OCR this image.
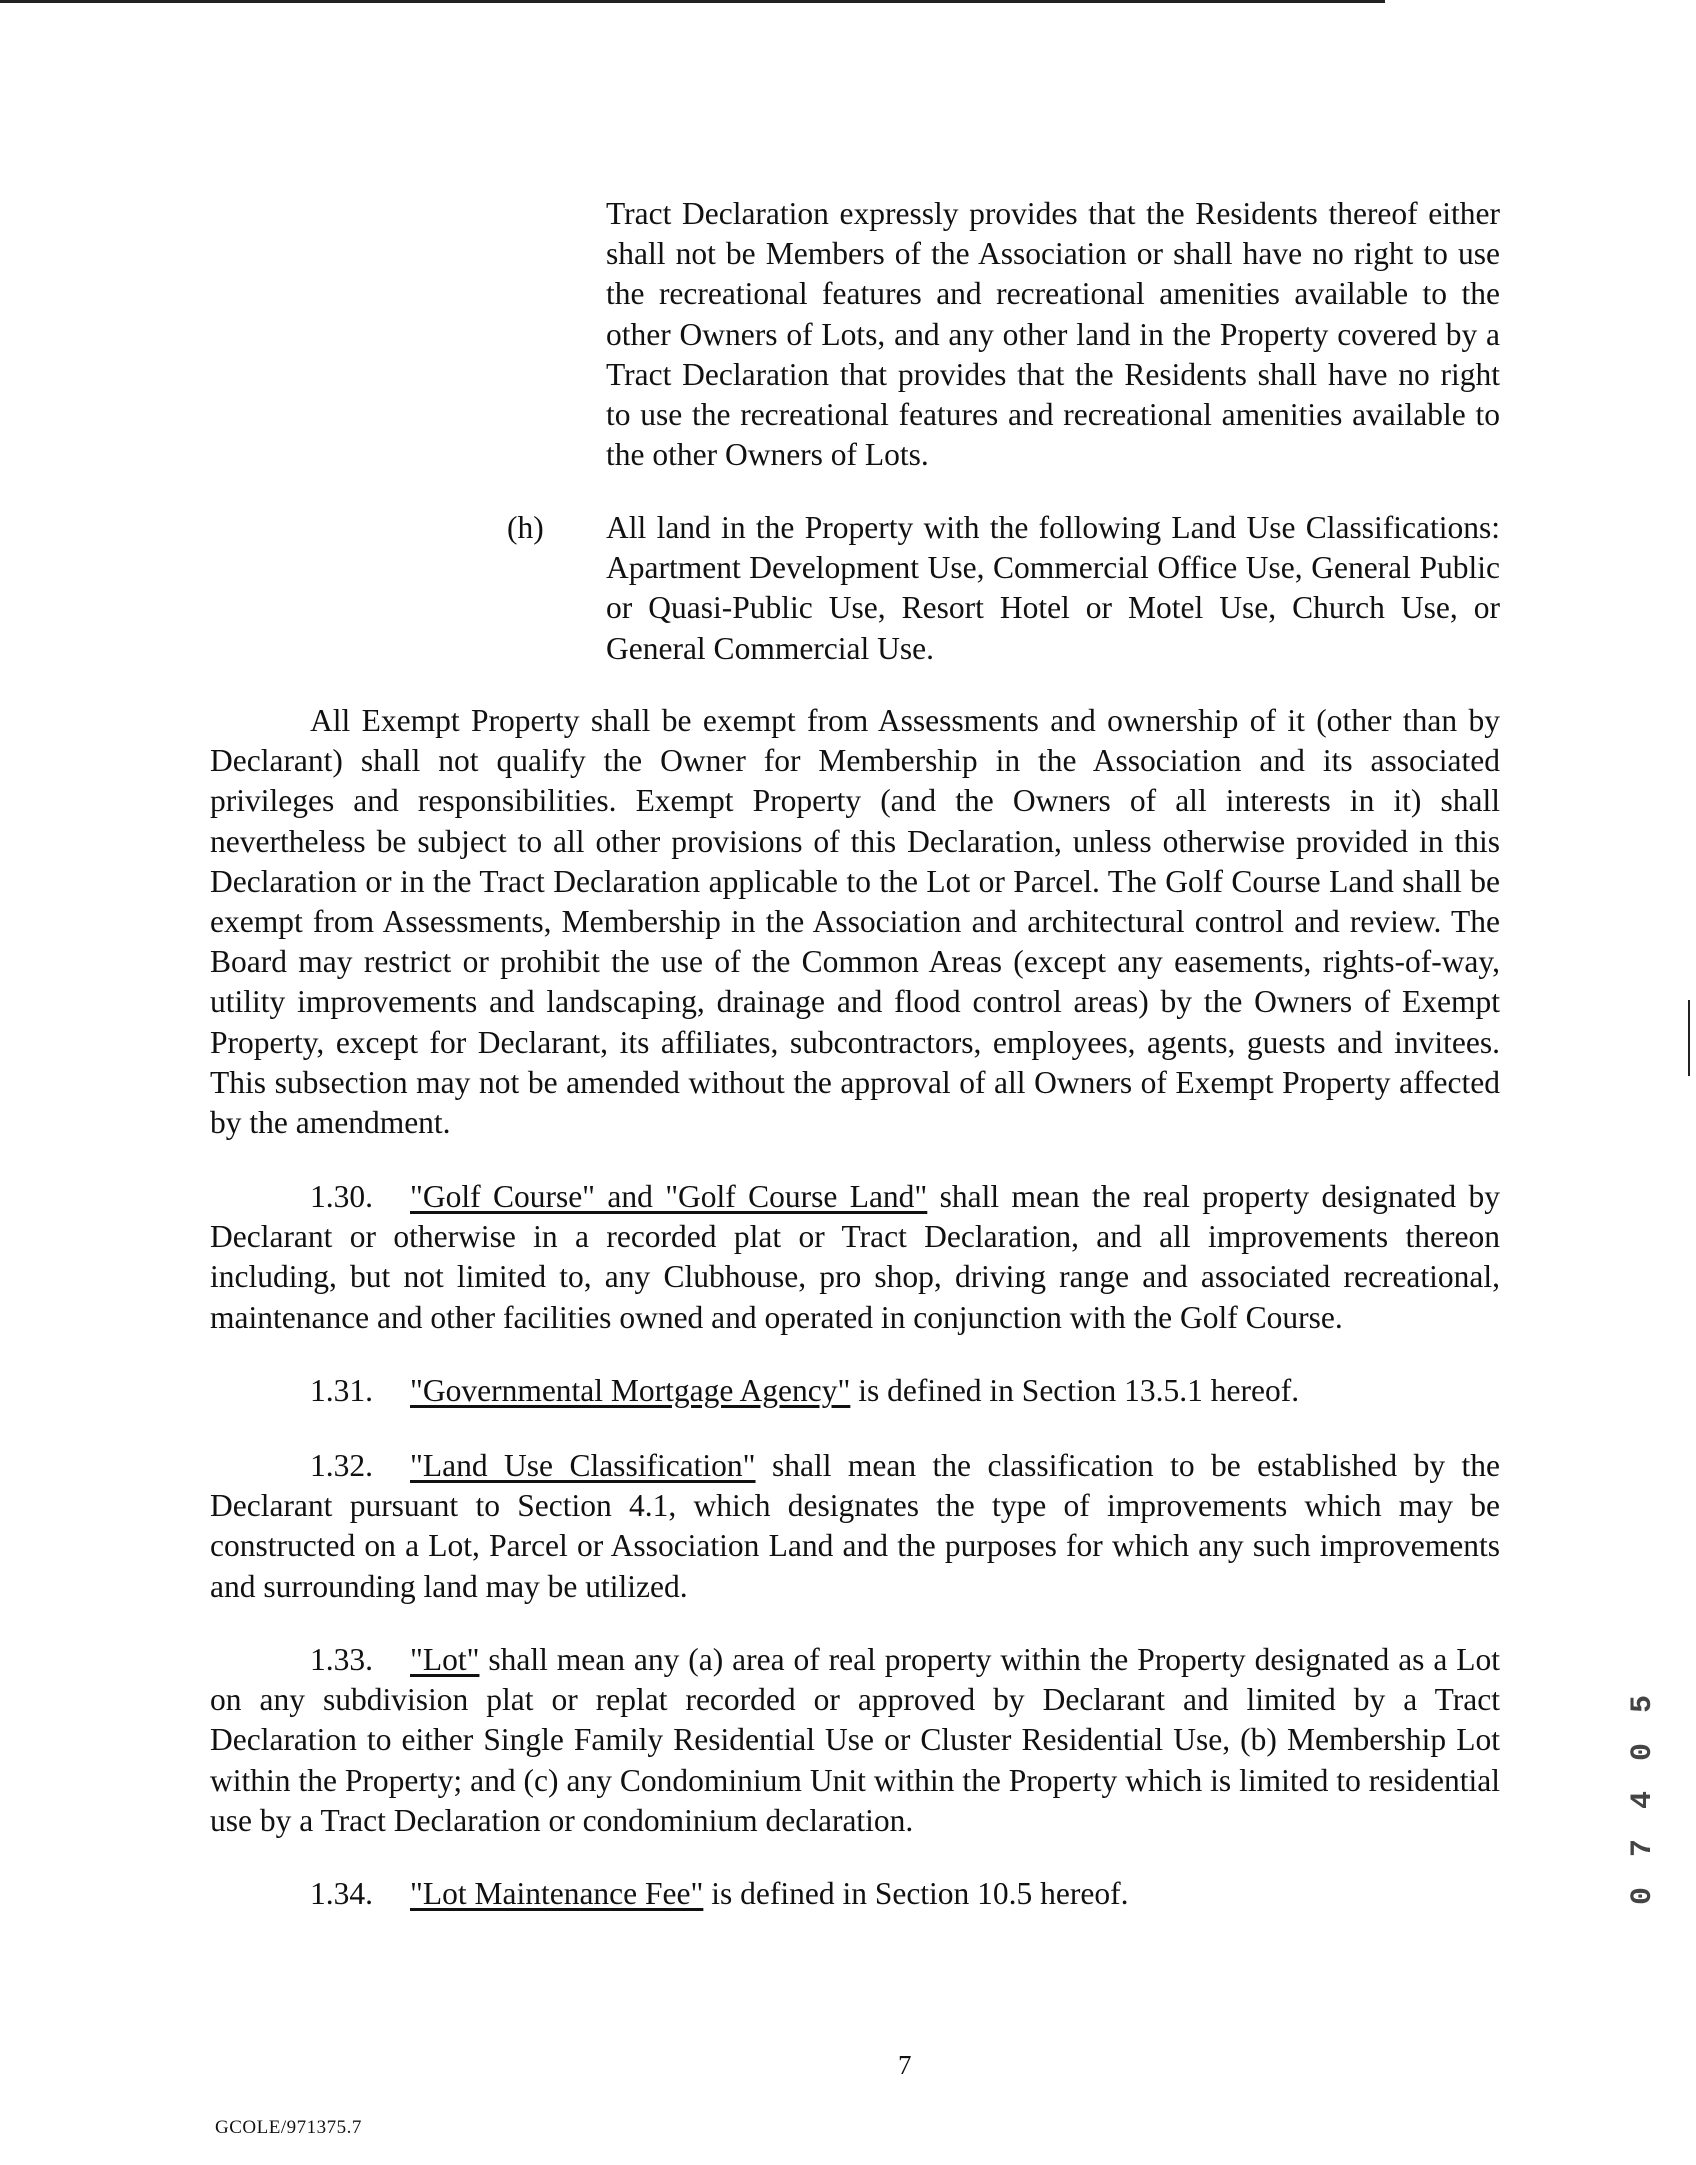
Tract Declaration expressly provides that the Residents thereof either shall not be Members of the Association or shall have no right to use the recreational features and recreational amenities available to the other Owners of Lots, and any other land in the Property covered by a Tract Declaration that provides that the Residents shall have no right to use the recreational features and recreational amenities available to the other Owners of Lots.

(h) All land in the Property with the following Land Use Classifications: Apartment Development Use, Commercial Office Use, General Public or Quasi-Public Use, Resort Hotel or Motel Use, Church Use, or General Commercial Use.

All Exempt Property shall be exempt from Assessments and ownership of it (other than by Declarant) shall not qualify the Owner for Membership in the Association and its associated privileges and responsibilities. Exempt Property (and the Owners of all interests in it) shall nevertheless be subject to all other provisions of this Declaration, unless otherwise provided in this Declaration or in the Tract Declaration applicable to the Lot or Parcel. The Golf Course Land shall be exempt from Assessments, Membership in the Association and architectural control and review. The Board may restrict or prohibit the use of the Common Areas (except any easements, rights-of-way, utility improvements and landscaping, drainage and flood control areas) by the Owners of Exempt Property, except for Declarant, its affiliates, subcontractors, employees, agents, guests and invitees. This subsection may not be amended without the approval of all Owners of Exempt Property affected by the amendment.

1.30. "Golf Course" and "Golf Course Land" shall mean the real property designated by Declarant or otherwise in a recorded plat or Tract Declaration, and all improvements thereon including, but not limited to, any Clubhouse, pro shop, driving range and associated recreational, maintenance and other facilities owned and operated in conjunction with the Golf Course.

1.31. "Governmental Mortgage Agency" is defined in Section 13.5.1 hereof.

1.32. "Land Use Classification" shall mean the classification to be established by the Declarant pursuant to Section 4.1, which designates the type of improvements which may be constructed on a Lot, Parcel or Association Land and the purposes for which any such improvements and surrounding land may be utilized.

1.33. "Lot" shall mean any (a) area of real property within the Property designated as a Lot on any subdivision plat or replat recorded or approved by Declarant and limited by a Tract Declaration to either Single Family Residential Use or Cluster Residential Use, (b) Membership Lot within the Property; and (c) any Condominium Unit within the Property which is limited to residential use by a Tract Declaration or condominium declaration.

1.34. "Lot Maintenance Fee" is defined in Section 10.5 hereof.

7
GCOLE/971375.7
07405
